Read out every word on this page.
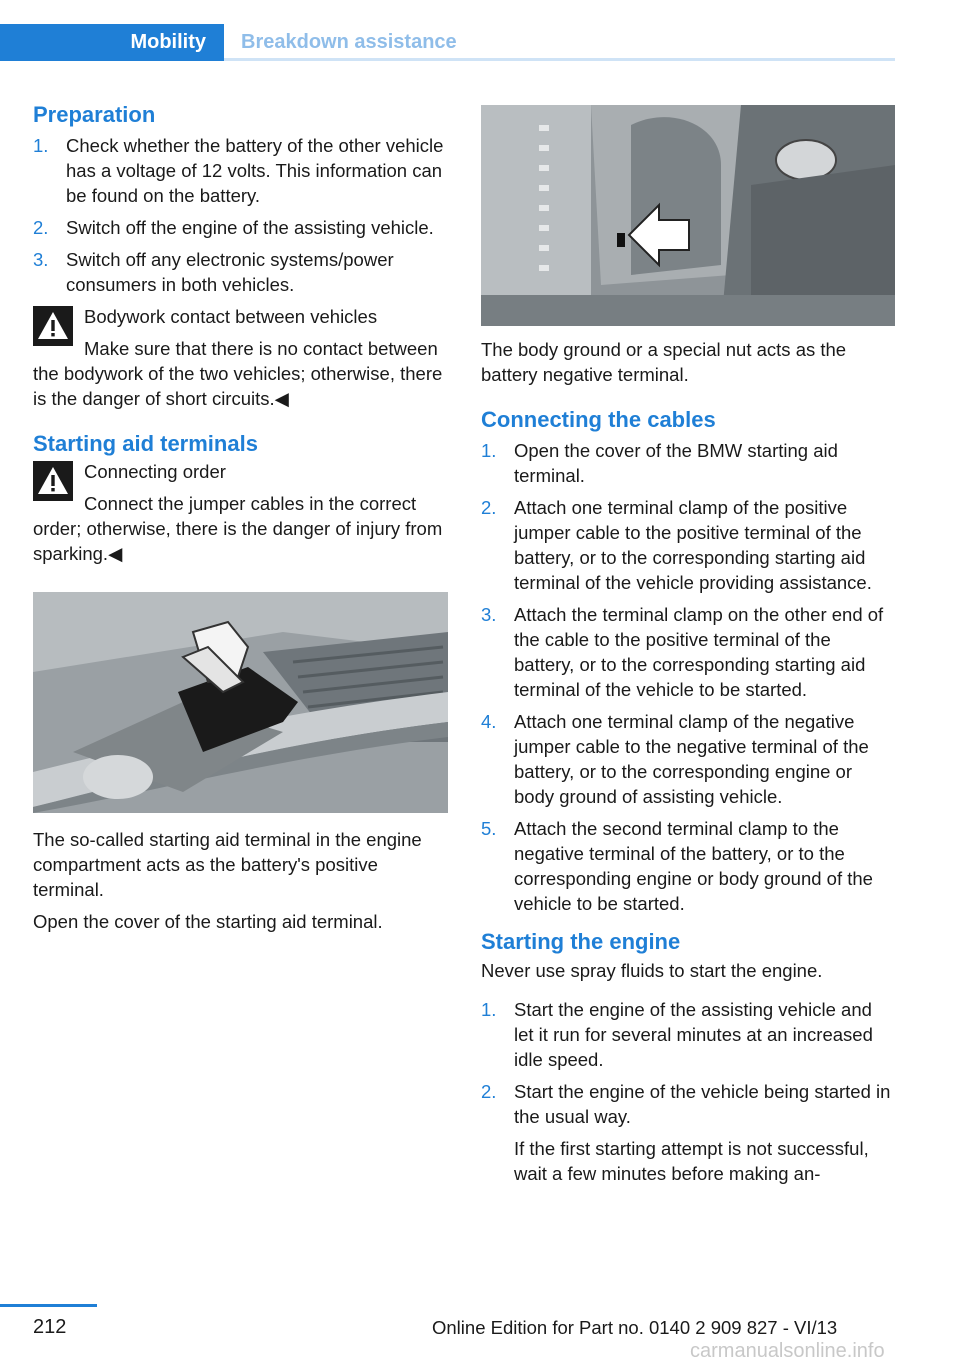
Mobility Breakdown assistance
Preparation
1. Check whether the battery of the other vehicle has a voltage of 12 volts. This information can be found on the battery.
2. Switch off the engine of the assisting vehicle.
3. Switch off any electronic systems/power consumers in both vehicles.
Bodywork contact between vehicles
Make sure that there is no contact between the bodywork of the two vehicles; otherwise, there is the danger of short circuits.◀
Starting aid terminals
Connecting order
Connect the jumper cables in the correct order; otherwise, there is the danger of injury from sparking.◀

The so-called starting aid terminal in the engine compartment acts as the battery's positive terminal.

Open the cover of the starting aid terminal.

The body ground or a special nut acts as the battery negative terminal.

Connecting the cables
1. Open the cover of the BMW starting aid terminal.
2. Attach one terminal clamp of the positive jumper cable to the positive terminal of the battery, or to the corresponding starting aid terminal of the vehicle providing assistance.
3. Attach the terminal clamp on the other end of the cable to the positive terminal of the battery, or to the corresponding starting aid terminal of the vehicle to be started.
4. Attach one terminal clamp of the negative jumper cable to the negative terminal of the battery, or to the corresponding engine or body ground of assisting vehicle.
5. Attach the second terminal clamp to the negative terminal of the battery, or to the corresponding engine or body ground of the vehicle to be started.
Starting the engine

Never use spray fluids to start the engine.

1. Start the engine of the assisting vehicle and let it run for several minutes at an increased idle speed.
2. Start the engine of the vehicle being started in the usual way.
If the first starting attempt is not successful, wait a few minutes before making an-
212	Online Edition for Part no. 0140 2 909 827 - VI/13
carmanualsonline.info
